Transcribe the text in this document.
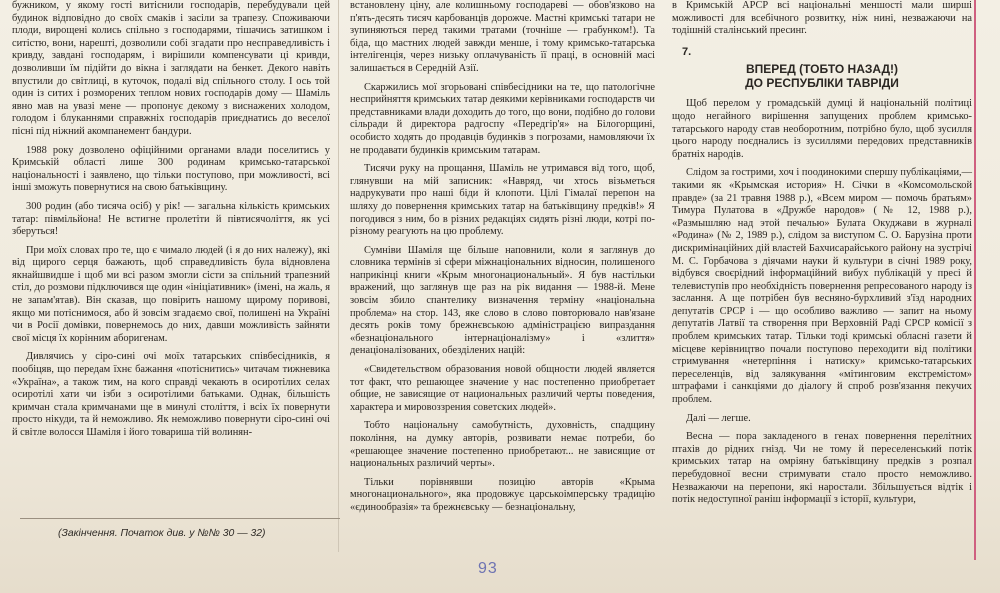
бужником, у якому гості витіснили господарів, перебудували цей будинок відповідно до своїх смаків і засіли за трапезу. Споживаючи плоди, вирощені колись спільно з господарями, тішачись затишком і ситістю, вони, нарешті, дозволили собі згадати про несправедливість і кривду, завдані господарям, і вирішили компенсувати ці кривди, дозволивши їм підійти до вікна і заглядати на бенкет. Декого навіть впустили до світлиці, в куточок, подалі від спільного столу. І ось той один із ситих і розморених теплом нових господарів дому — Шаміль явно мав на увазі мене — пропонує декому з виснажених холодом, голодом і блуканнями справжніх господарів приєднатись до веселої пісні під ніжний акомпанемент бандури.

1988 року дозволено офіційними органами влади поселитись у Кримській області лише 300 родинам кримсько-татарської національності і заявлено, що тільки поступово, при можливості, всі інші зможуть повернутися на свою батьківщину.

300 родин (або тисяча осіб) у рік! — загальна кількість кримських татар: півмільйона! Не встигне пролетіти й півтисячоліття, як усі зберуться!

При моїх словах про те, що є чимало людей (і я до них належу), які від щирого серця бажають, щоб справедливість була відновлена якнайшвидше і щоб ми всі разом змогли сісти за спільний трапезний стіл, до розмови підключився ще один «ініціативник» (імені, на жаль, я не запам'ятав). Він сказав, що повірить нашому щирому поривові, якщо ми потіснимося, або й зовсім згадаємо свої, полишені на Україні чи в Росії домівки, повернемось до них, давши можливість зайняти свої місця їх корінним аборигенам.

Дивлячись у сіро-сині очі моїх татарських співбесідників, я пообіцяв, що передам їхнє бажання «потіснитись» читачам тижневика «Україна», а також тим, на кого справді чекають в осиротілих селах осиротілі хати чи ізби з осиротілими батьками. Однак, більшість кримчан стала кримчанами ще в минулі століття, і всіх їх повернути просто нікуди, та й неможливо. Як неможливо повернути сіро-сині очі й світле волосся Шаміля і його товариша тій волинян-

(Закінчення. Початок див. у №№ 30 — 32)

встановлену ціну, але колишньому господареві — обов'язково на п'ять-десять тисяч карбованців дорожче. Мастні кримські татари не зупиняються перед такими тратами (точніше — грабунком!). Та біда, що мастних людей завжди менше, і тому кримсько-татарська інтелігенція, через низьку оплачуваність її праці, в основній масі залишається в Середній Азії.

Скаржились мої згорьовані співбесідники на те, що патологічне несприйняття кримських татар деякими керівниками господарств чи представниками влади доходить до того, що вони, подібно до голови сільради й директора радгоспу «Передгір'я» на Білогорщині, особисто ходять до продавців будинків з погрозами, намовляючи їх не продавати будинків кримським татарам.

Тисячи руку на прощання, Шаміль не утримався від того, щоб, глянувши на мій записник: «Навряд, чи хтось візьметься надрукувати про наші біди й клопоти. Цілі Гімалаї перепон на шляху до повернення кримських татар на батьківщину предків!» Я погодився з ним, бо в різних редакціях сидять різні люди, котрі по-різному реагують на цю проблему.

Сумніви Шаміля ще більше наповнили, коли я заглянув до словника термінів зі сфери міжнаціональних відносин, полишеного наприкінці книги «Крым многонациональный». Я був настільки вражений, що заглянув ще раз на рік видання — 1988-й. Мене зовсім збило спантелику визначення терміну «національна проблема» на стор. 143, яке слово в слово повторювало нав'язане десять років тому брежнєвською адміністрацією випраздання «безнаціонального інтернаціоналізму» і «злиття» денаціоналізованих, обезділених націй:

«Свидетельством образования новой общности людей является тот факт, что решающее значение у нас постепенно приобретает общие, не зависящие от национальных различий черты поведения, характера и мировоззрения советских людей».

Тобто національну самобутність, духовність, спадщину покоління, на думку авторів, розвивати немає потреби, бо «решающее значение постепенно приобретают... не зависящие от национальных различий черты».

Тільки порівнявши позицію авторів «Крыма многонационального», яка продовжує царськоімперську традицію «єдинообразія» та брежнєвську — безнаціональну,

в Кримській АРСР всі національні меншості мали ширші можливості для всебічного розвитку, ніж нині, незважаючи на тодішній сталінський пресинг.

7.
ВПЕРЕД (ТОБТО НАЗАД!)
ДО РЕСПУБЛІКИ ТАВРІДИ

Щоб перелом у громадській думці й національній політиці щодо негайного вирішення запущених проблем кримсько-татарського народу став необоротним, потрібно було, щоб зусилля цього народу поєднались із зусиллями передових представників братніх народів.

Слідом за гострими, хоч і поодинокими спершу публікаціями,— такими як «Крымская история» Н. Січки в «Комсомольской правде» (за 21 травня 1988 р.), «Всем миром — помочь братьям» Тимура Пулатова в «Дружбе народов» (№ 12, 1988 р.), «Размышляю над этой печалью» Булата Окуджави в журналі «Родина» (№ 2, 1989 р.), слідом за виступом С. О. Барузіна проти дискримінаційних дій властей Бахчисарайського району на зустрічі М. С. Горбачова з діячами науки й культури в січні 1989 року, відбувся своєрідний інформаційний вибух публікацій у пресі й телевиступів про необхідність повернення репресованого народу із заслання. А ще потрібен був весняно-бурхливий з'їзд народних депутатів СРСР і — що особливо важливо — запит на ньому депутатів Латвії та створення при Верховній Раді СРСР комісії з проблем кримських татар. Тільки тоді кримські обласні газети й місцеве керівництво почали поступово переходити від політики стримування «нетерпіння і натиску» кримсько-татарських переселенців, від залякування «мітинговим екстремістом» штрафами і санкціями до діалогу й спроб розв'язання пекучих проблем.

Далі — легше.

Весна — пора закладеного в генах повернення перелітних птахів до рідних гнізд. Чи не тому й переселенський потік кримських татар на омріяну батьківщину предків з розпал перебудовної весни стримувати стало просто неможливо. Незважаючи на перепони, які наростали. Збільшується відтік і потік недоступної раніш інформації з історії, культури,

93
